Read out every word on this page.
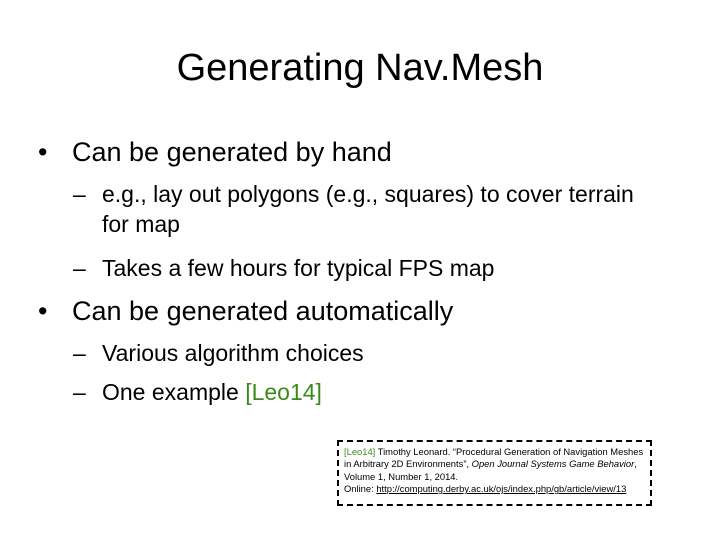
Generating Nav.Mesh
• Can be generated by hand
– e.g., lay out polygons (e.g., squares) to cover terrain for map
– Takes a few hours for typical FPS map
• Can be generated automatically
– Various algorithm choices
– One example [Leo14]
[Leo14] Timothy Leonard. “Procedural Generation of Navigation Meshes in Arbitrary 2D Environments”, Open Journal Systems Game Behavior, Volume 1, Number 1, 2014.
Online: http://computing.derby.ac.uk/ojs/index.php/gb/article/view/13
